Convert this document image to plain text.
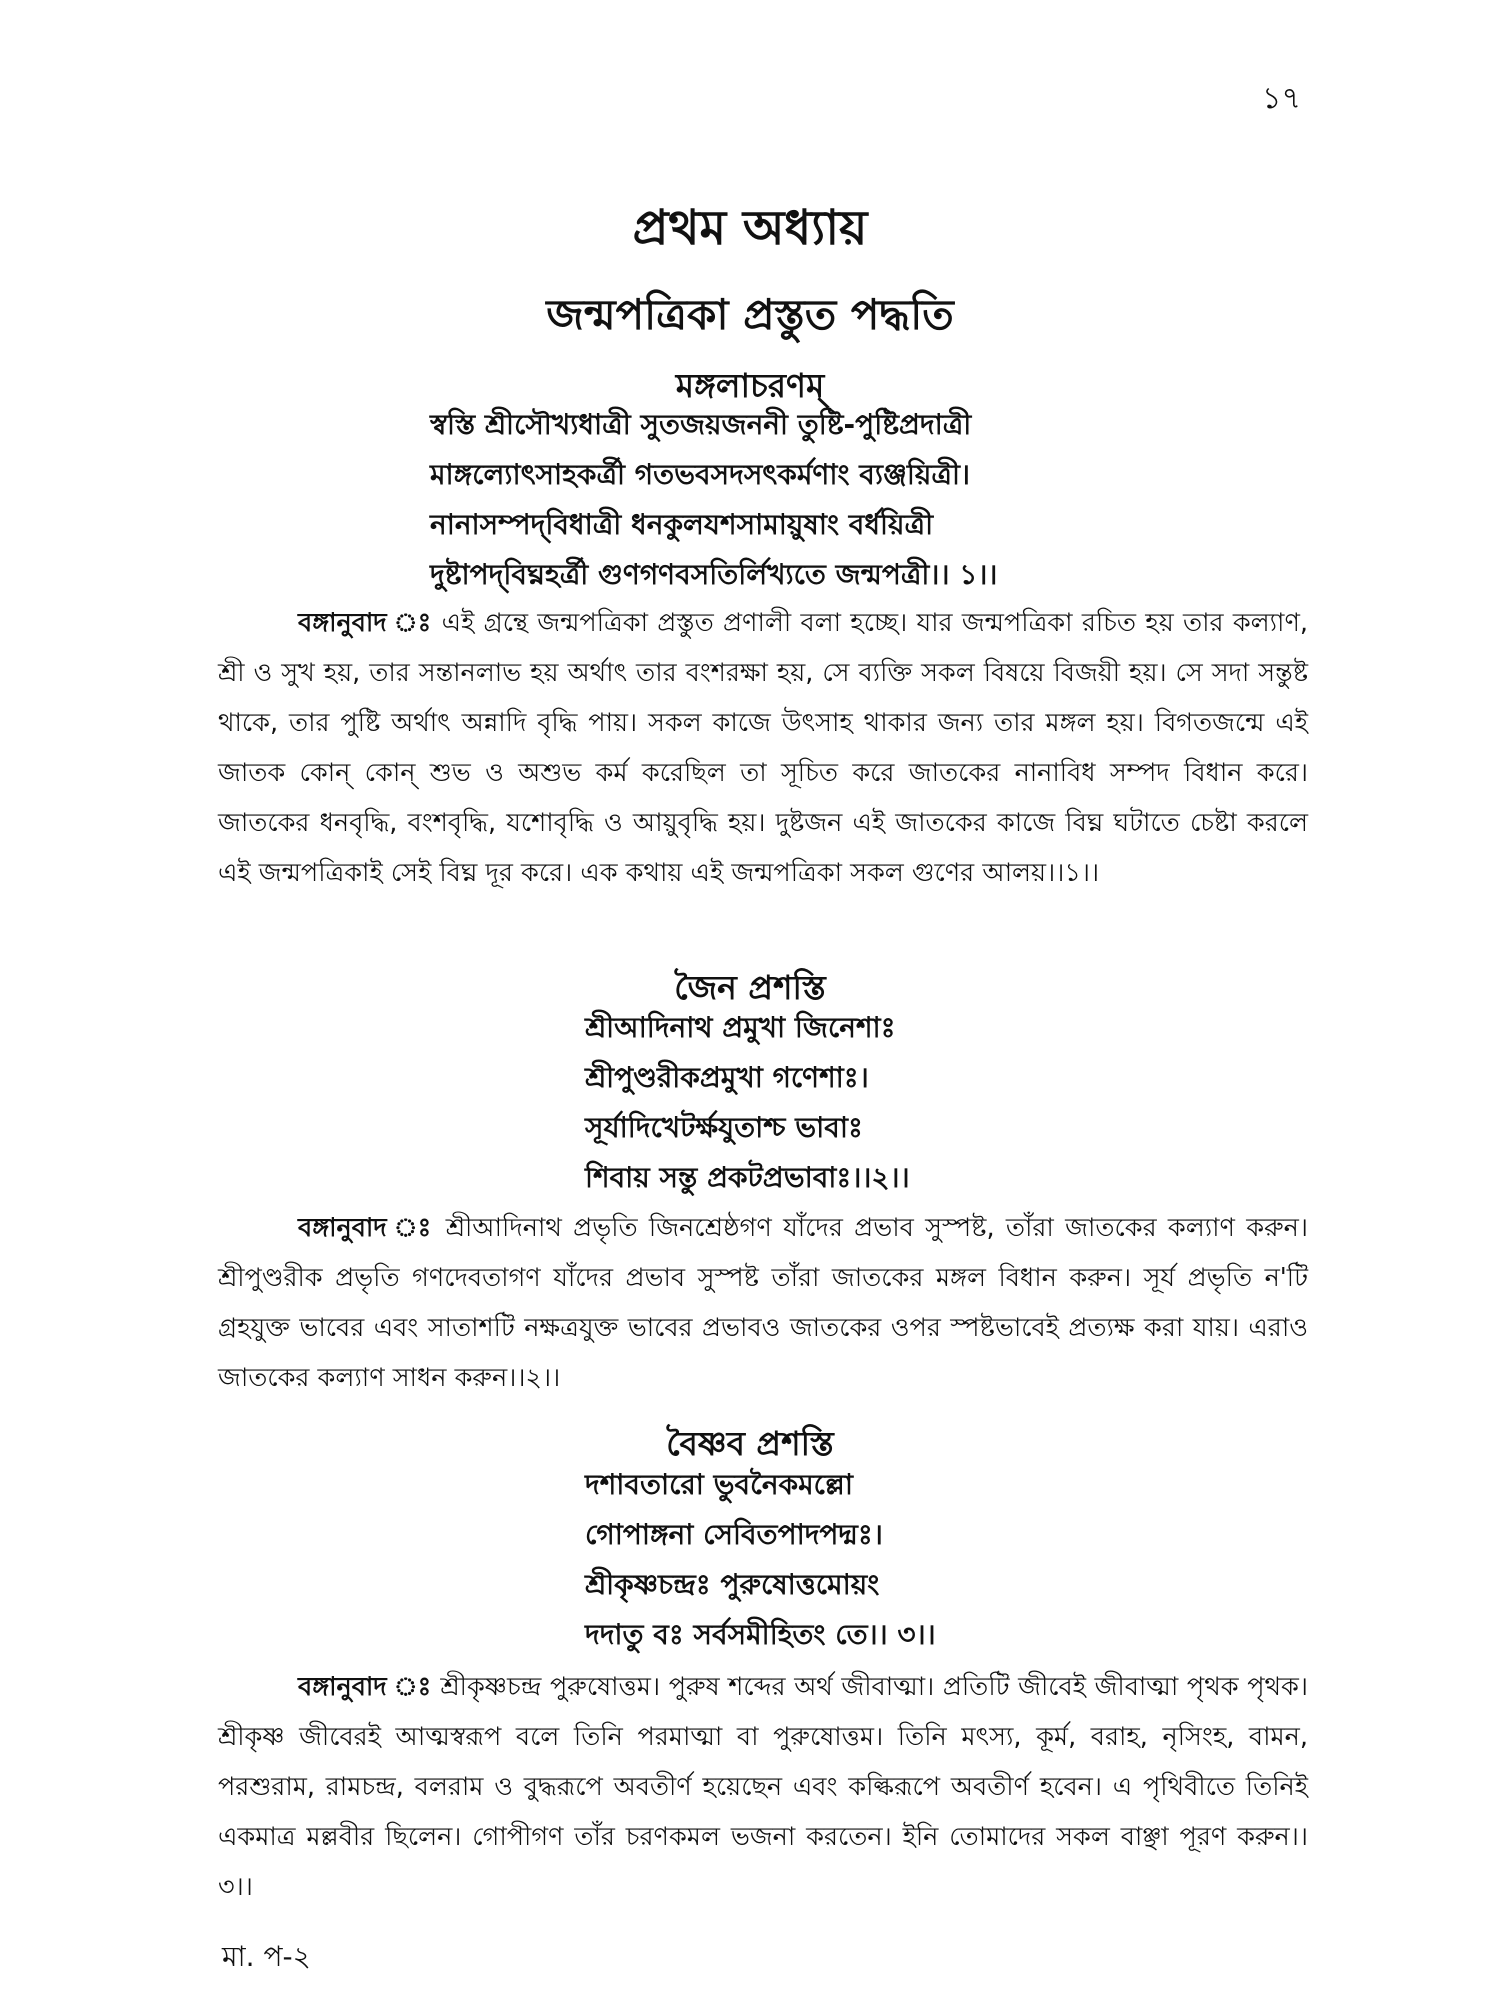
১৭
প্রথম অধ্যায়
জন্মপত্রিকা প্রস্তুত পদ্ধতি
মঙ্গলাচরণম্
স্বস্তি শ্রীসৌখ্যধাত্রী সুতজয়জননী তুষ্টি-পুষ্টিপ্রদাত্রী
মাঙ্গল্যোৎসাহকর্ত্রী গতভবসদসৎকর্মণাং ব্যঞ্জয়িত্রী।
নানাসম্পদ্‌বিধাত্রী ধনকুলযশসামায়ুষাং বর্ধয়িত্রী
দুষ্টাপদ্‌বিঘ্নহর্ত্রী গুণগণবসতির্লিখ্যতে জন্মপত্রী।। ১।।

বঙ্গানুবাদ ঃ এই গ্রন্থে জন্মপত্রিকা প্রস্তুত প্রণালী বলা হচ্ছে। যার জন্মপত্রিকা রচিত হয় তার কল্যাণ, শ্রী ও সুখ হয়, তার সন্তানলাভ হয় অর্থাৎ তার বংশরক্ষা হয়, সে ব্যক্তি সকল বিষয়ে বিজয়ী হয়। সে সদা সন্তুষ্ট থাকে, তার পুষ্টি অর্থাৎ অন্নাদি বৃদ্ধি পায়। সকল কাজে উৎসাহ থাকার জন্য তার মঙ্গল হয়। বিগতজন্মে এই জাতক কোন্ কোন্ শুভ ও অশুভ কর্ম করেছিল তা সূচিত করে জাতকের নানাবিধ সম্পদ বিধান করে। জাতকের ধনবৃদ্ধি, বংশবৃদ্ধি, যশোবৃদ্ধি ও আয়ুবৃদ্ধি হয়। দুষ্টজন এই জাতকের কাজে বিঘ্ন ঘটাতে চেষ্টা করলে এই জন্মপত্রিকাই সেই বিঘ্ন দূর করে। এক কথায় এই জন্মপত্রিকা সকল গুণের আলয়।।১।।

জৈন প্রশস্তি
শ্রীআদিনাথ প্রমুখা জিনেশাঃ
শ্রীপুণ্ডরীকপ্রমুখা গণেশাঃ।
সূর্যাদিখেটর্ক্ষযুতাশ্চ ভাবাঃ
শিবায় সন্তু প্রকটপ্রভাবাঃ।।২।।

বঙ্গানুবাদ ঃ শ্রীআদিনাথ প্রভৃতি জিনশ্রেষ্ঠগণ যাঁদের প্রভাব সুস্পষ্ট, তাঁরা জাতকের কল্যাণ করুন। শ্রীপুণ্ডরীক প্রভৃতি গণদেবতাগণ যাঁদের প্রভাব সুস্পষ্ট তাঁরা জাতকের মঙ্গল বিধান করুন। সূর্য প্রভৃতি ন'টি গ্রহযুক্ত ভাবের এবং সাতাশটি নক্ষত্রযুক্ত ভাবের প্রভাবও জাতকের ওপর স্পষ্টভাবেই প্রত্যক্ষ করা যায়। এরাও জাতকের কল্যাণ সাধন করুন।।২।।

বৈষ্ণব প্রশস্তি
দশাবতারো ভুবনৈকমল্লো
গোপাঙ্গনা সেবিতপাদপদ্মঃ।
শ্রীকৃষ্ণচন্দ্রঃ পুরুষোত্তমোয়ং
দদাতু বঃ সর্বসমীহিতং তে।। ৩।।

বঙ্গানুবাদ ঃ শ্রীকৃষ্ণচন্দ্র পুরুষোত্তম। পুরুষ শব্দের অর্থ জীবাত্মা। প্রতিটি জীবেই জীবাত্মা পৃথক পৃথক। শ্রীকৃষ্ণ জীবেরই আত্মস্বরূপ বলে তিনি পরমাত্মা বা পুরুষোত্তম। তিনি মৎস্য, কূর্ম, বরাহ, নৃসিংহ, বামন, পরশুরাম, রামচন্দ্র, বলরাম ও বুদ্ধরূপে অবতীর্ণ হয়েছেন এবং কল্কিরূপে অবতীর্ণ হবেন। এ পৃথিবীতে তিনিই একমাত্র মল্লবীর ছিলেন। গোপীগণ তাঁর চরণকমল ভজনা করতেন। ইনি তোমাদের সকল বাঞ্ছা পূরণ করুন।। ৩।।

মা. প-২
